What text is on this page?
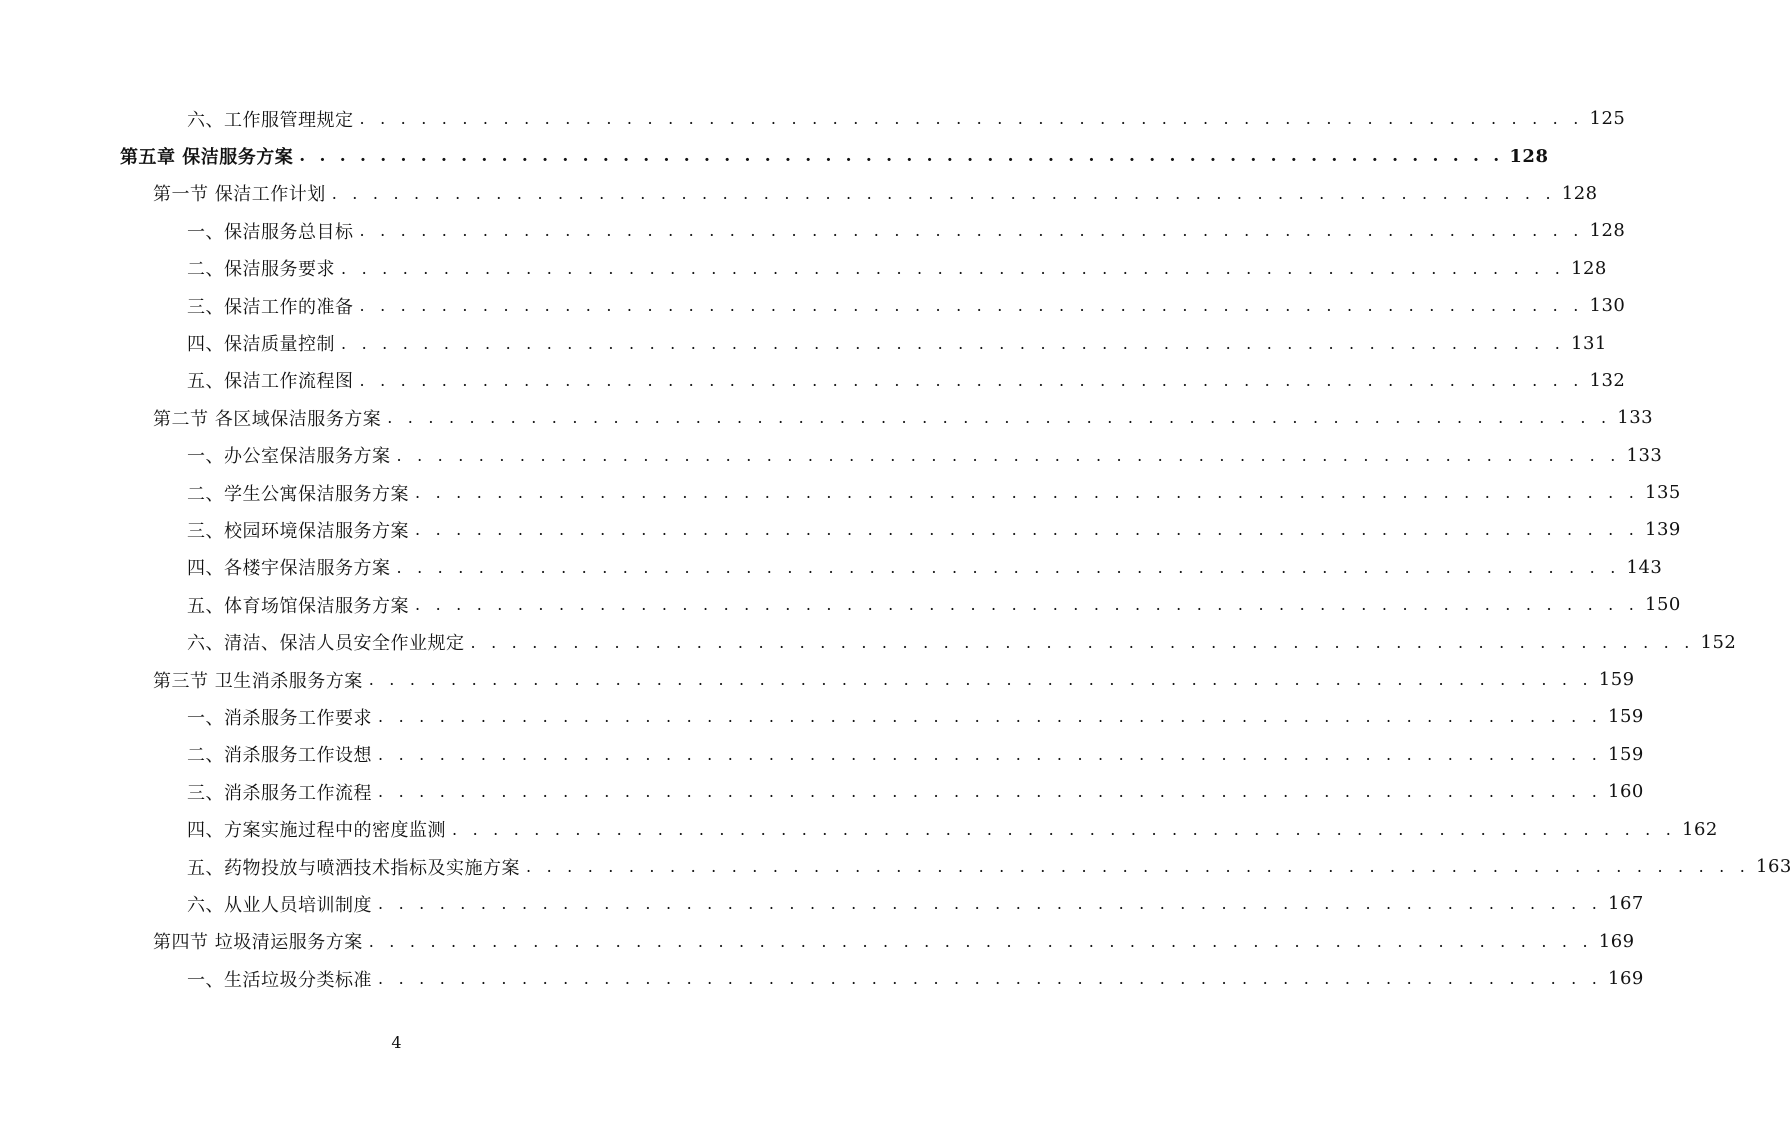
六、工作服管理规定 . . . . . . . . . . . . . . . . . . . . . . . . . . . . . . . . . . . . . . . . . . . . . . . . . . . . . . . . . . . . 125
第五章 保洁服务方案 . . . . . . . . . . . . . . . . . . . . . . . . . . . . . . . . . . . . . . . . . . . . . . . . . . . . . . . . . . . . 128
第一节 保洁工作计划 . . . . . . . . . . . . . . . . . . . . . . . . . . . . . . . . . . . . . . . . . . . . . . . . . . . . . . . . . . . . 128
一、保洁服务总目标 . . . . . . . . . . . . . . . . . . . . . . . . . . . . . . . . . . . . . . . . . . . . . . . . . . . . . . . . . . . . 128
二、保洁服务要求 . . . . . . . . . . . . . . . . . . . . . . . . . . . . . . . . . . . . . . . . . . . . . . . . . . . . . . . . . . . . 128
三、保洁工作的准备 . . . . . . . . . . . . . . . . . . . . . . . . . . . . . . . . . . . . . . . . . . . . . . . . . . . . . . . . . . . . 130
四、保洁质量控制 . . . . . . . . . . . . . . . . . . . . . . . . . . . . . . . . . . . . . . . . . . . . . . . . . . . . . . . . . . . . 131
五、保洁工作流程图 . . . . . . . . . . . . . . . . . . . . . . . . . . . . . . . . . . . . . . . . . . . . . . . . . . . . . . . . . . . . 132
第二节 各区域保洁服务方案 . . . . . . . . . . . . . . . . . . . . . . . . . . . . . . . . . . . . . . . . . . . . . . . . . . . . . . . . . . . . 133
一、办公室保洁服务方案 . . . . . . . . . . . . . . . . . . . . . . . . . . . . . . . . . . . . . . . . . . . . . . . . . . . . . . . . . . . . 133
二、学生公寓保洁服务方案 . . . . . . . . . . . . . . . . . . . . . . . . . . . . . . . . . . . . . . . . . . . . . . . . . . . . . . . . . . . . 135
三、校园环境保洁服务方案 . . . . . . . . . . . . . . . . . . . . . . . . . . . . . . . . . . . . . . . . . . . . . . . . . . . . . . . . . . . . 139
四、各楼宇保洁服务方案 . . . . . . . . . . . . . . . . . . . . . . . . . . . . . . . . . . . . . . . . . . . . . . . . . . . . . . . . . . . . 143
五、体育场馆保洁服务方案 . . . . . . . . . . . . . . . . . . . . . . . . . . . . . . . . . . . . . . . . . . . . . . . . . . . . . . . . . . . . 150
六、清洁、保洁人员安全作业规定 . . . . . . . . . . . . . . . . . . . . . . . . . . . . . . . . . . . . . . . . . . . . . . . . . . . . . . . . . . . . 152
第三节 卫生消杀服务方案 . . . . . . . . . . . . . . . . . . . . . . . . . . . . . . . . . . . . . . . . . . . . . . . . . . . . . . . . . . . . 159
一、消杀服务工作要求 . . . . . . . . . . . . . . . . . . . . . . . . . . . . . . . . . . . . . . . . . . . . . . . . . . . . . . . . . . . . 159
二、消杀服务工作设想 . . . . . . . . . . . . . . . . . . . . . . . . . . . . . . . . . . . . . . . . . . . . . . . . . . . . . . . . . . . . 159
三、消杀服务工作流程 . . . . . . . . . . . . . . . . . . . . . . . . . . . . . . . . . . . . . . . . . . . . . . . . . . . . . . . . . . . . 160
四、方案实施过程中的密度监测 . . . . . . . . . . . . . . . . . . . . . . . . . . . . . . . . . . . . . . . . . . . . . . . . . . . . . . . . . . . . 162
五、药物投放与喷洒技术指标及实施方案 . . . . . . . . . . . . . . . . . . . . . . . . . . . . . . . . . . . . . . . . . . . . . . . . . . . . . . . . . . . . 163
六、从业人员培训制度 . . . . . . . . . . . . . . . . . . . . . . . . . . . . . . . . . . . . . . . . . . . . . . . . . . . . . . . . . . . . 167
第四节 垃圾清运服务方案 . . . . . . . . . . . . . . . . . . . . . . . . . . . . . . . . . . . . . . . . . . . . . . . . . . . . . . . . . . . . 169
一、生活垃圾分类标准 . . . . . . . . . . . . . . . . . . . . . . . . . . . . . . . . . . . . . . . . . . . . . . . . . . . . . . . . . . . . 169
4
